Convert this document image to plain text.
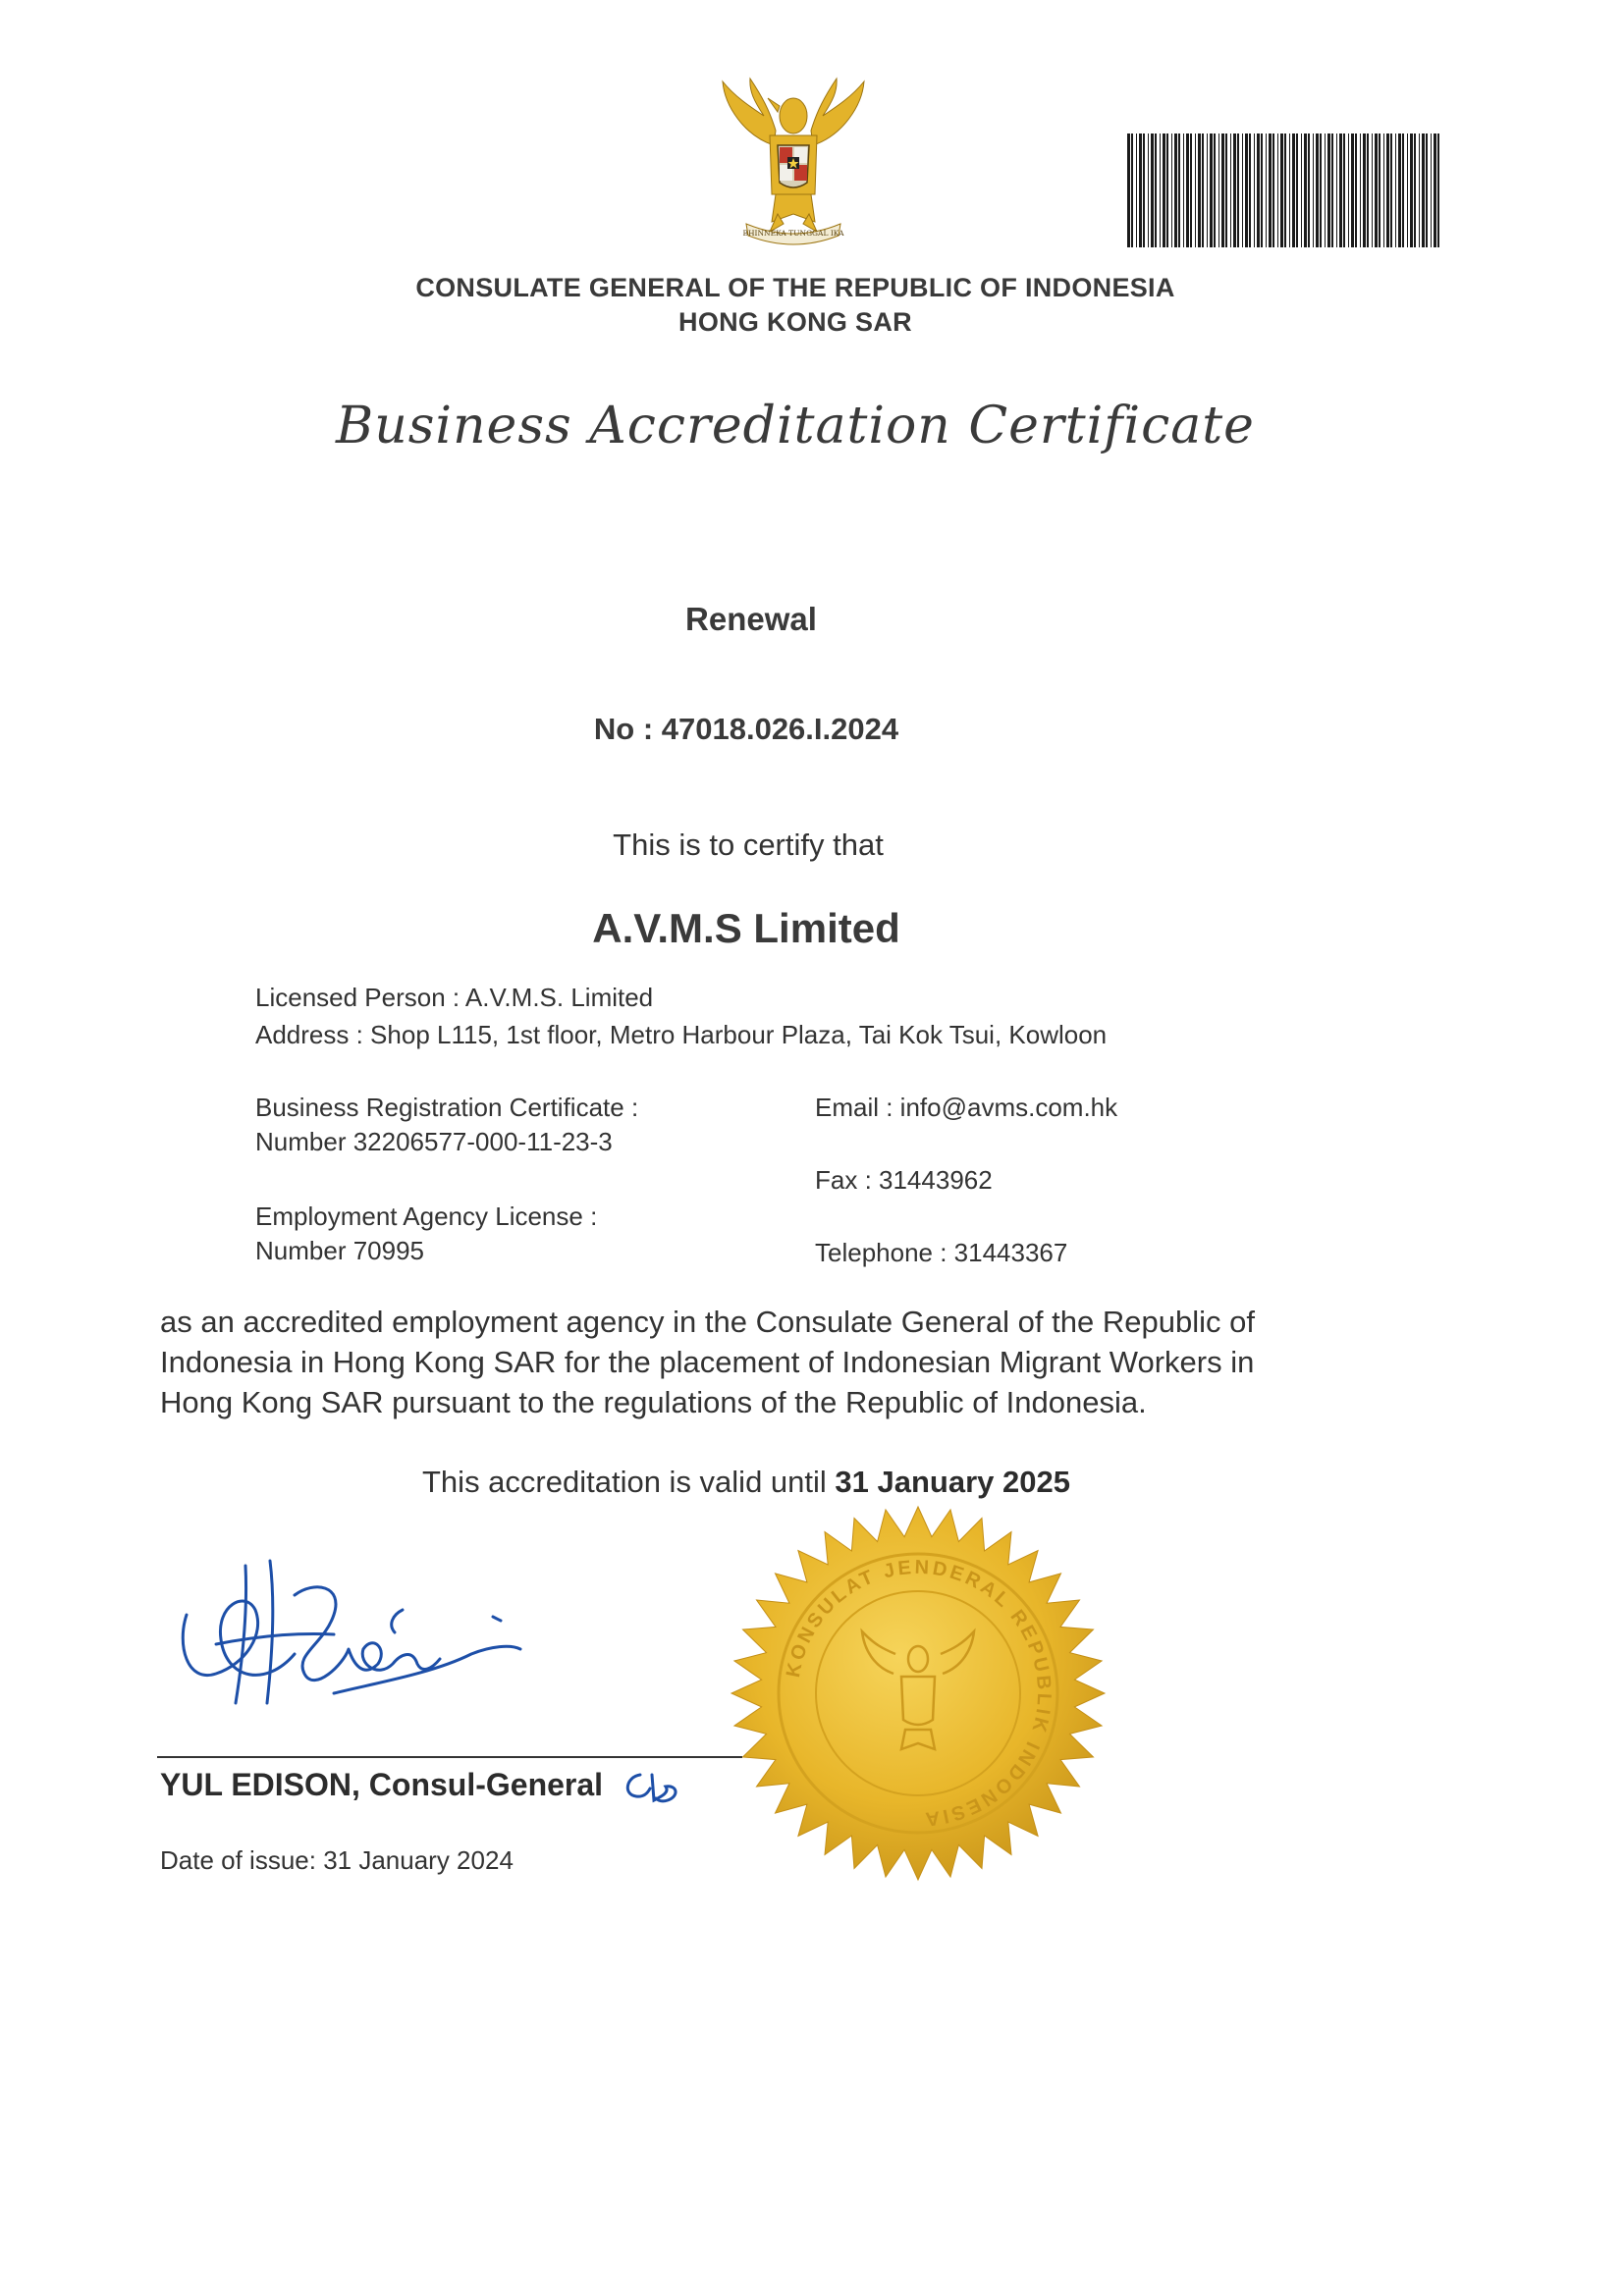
BHINNEKA TUNGGAL IKA
CONSULATE GENERAL OF THE REPUBLIC OF INDONESIA
HONG KONG SAR
Business Accreditation Certificate
Renewal
No : 47018.026.I.2024
This is to certify that
A.V.M.S Limited
Licensed Person : A.V.M.S. Limited
Address : Shop L115, 1st floor, Metro Harbour Plaza, Tai Kok Tsui, Kowloon
Business Registration Certificate :
Number 32206577-000-11-23-3
Employment Agency License :
Number 70995
Email : info@avms.com.hk
Fax : 31443962
Telephone : 31443367
as an accredited employment agency in the Consulate General of the Republic of
Indonesia in Hong Kong SAR for the placement of Indonesian Migrant Workers in
Hong Kong SAR pursuant to the regulations of the Republic of Indonesia.
This accreditation is valid until 31 January 2025
KONSULAT JENDERAL REPUBLIK INDONESIA
YUL EDISON, Consul-General
Date of issue: 31 January 2024
